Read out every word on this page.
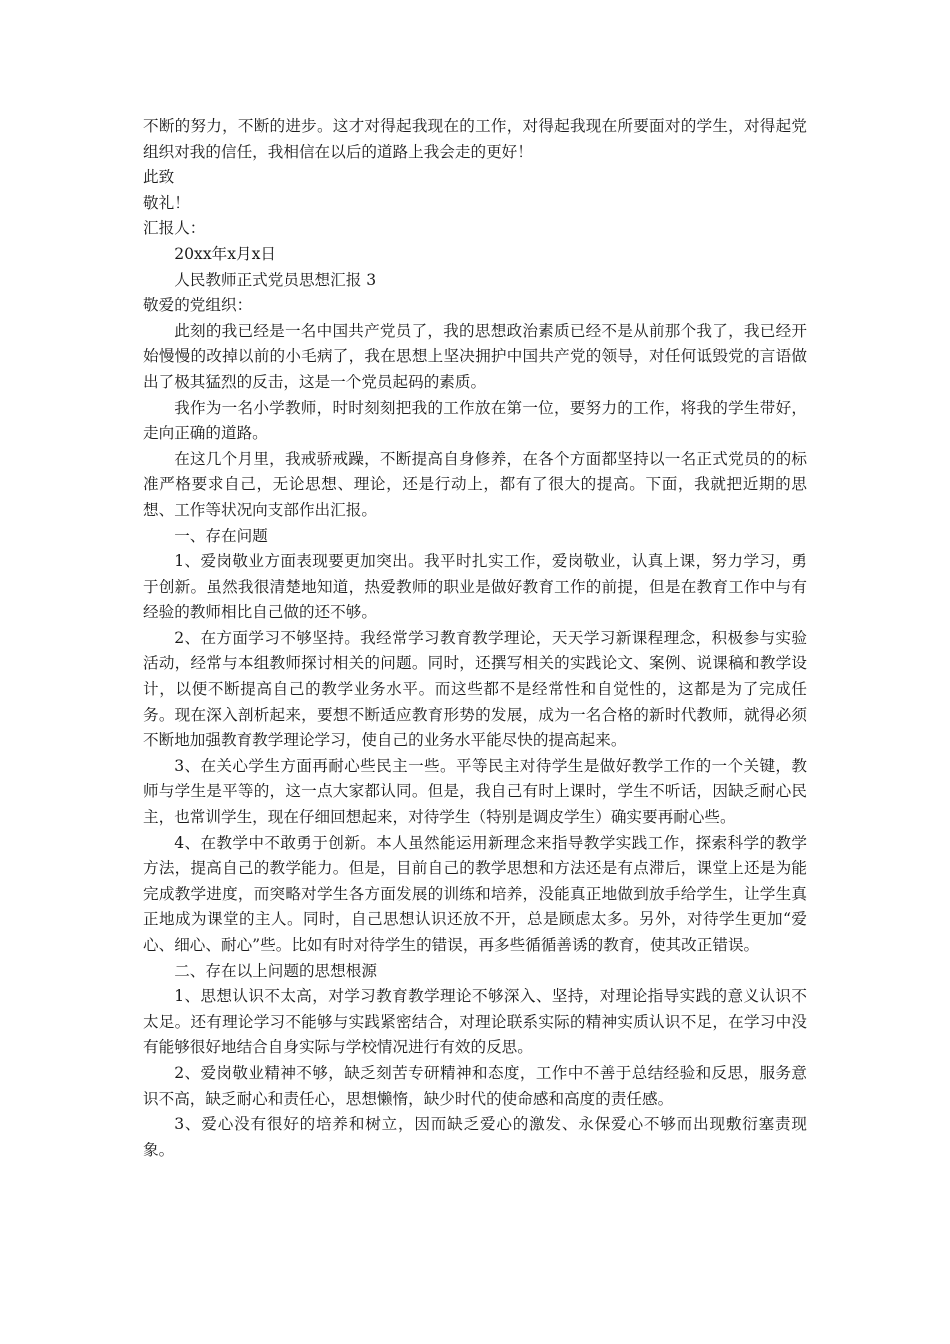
不断的努力，不断的进步。这才对得起我现在的工作，对得起我现在所要面对的学生，对得起党组织对我的信任，我相信在以后的道路上我会走的更好！

此致

敬礼！

汇报人：

20xx年x月x日

人民教师正式党员思想汇报 3

敬爱的党组织：

此刻的我已经是一名中国共产党员了，我的思想政治素质已经不是从前那个我了，我已经开始慢慢的改掉以前的小毛病了，我在思想上坚决拥护中国共产党的领导，对任何诋毁党的言语做出了极其猛烈的反击，这是一个党员起码的素质。

我作为一名小学教师，时时刻刻把我的工作放在第一位，要努力的工作，将我的学生带好，走向正确的道路。

在这几个月里，我戒骄戒躁，不断提高自身修养，在各个方面都坚持以一名正式党员的的标准严格要求自己，无论思想、理论，还是行动上，都有了很大的提高。下面，我就把近期的思想、工作等状况向支部作出汇报。

一、存在问题

1、爱岗敬业方面表现要更加突出。我平时扎实工作，爱岗敬业，认真上课，努力学习，勇于创新。虽然我很清楚地知道，热爱教师的职业是做好教育工作的前提，但是在教育工作中与有经验的教师相比自己做的还不够。

2、在方面学习不够坚持。我经常学习教育教学理论，天天学习新课程理念，积极参与实验活动，经常与本组教师探讨相关的问题。同时，还撰写相关的实践论文、案例、说课稿和教学设计，以便不断提高自己的教学业务水平。而这些都不是经常性和自觉性的，这都是为了完成任务。现在深入剖析起来，要想不断适应教育形势的发展，成为一名合格的新时代教师，就得必须不断地加强教育教学理论学习，使自己的业务水平能尽快的提高起来。

3、在关心学生方面再耐心些民主一些。平等民主对待学生是做好教学工作的一个关键，教师与学生是平等的，这一点大家都认同。但是，我自己有时上课时，学生不听话，因缺乏耐心民主，也常训学生，现在仔细回想起来，对待学生（特别是调皮学生）确实要再耐心些。

4、在教学中不敢勇于创新。本人虽然能运用新理念来指导教学实践工作，探索科学的教学方法，提高自己的教学能力。但是，目前自己的教学思想和方法还是有点滞后，课堂上还是为能完成教学进度，而突略对学生各方面发展的训练和培养，没能真正地做到放手给学生，让学生真正地成为课堂的主人。同时，自己思想认识还放不开，总是顾虑太多。另外，对待学生更加“爱心、细心、耐心”些。比如有时对待学生的错误，再多些循循善诱的教育，使其改正错误。

二、存在以上问题的思想根源

1、思想认识不太高，对学习教育教学理论不够深入、坚持，对理论指导实践的意义认识不太足。还有理论学习不能够与实践紧密结合，对理论联系实际的精神实质认识不足，在学习中没有能够很好地结合自身实际与学校情况进行有效的反思。

2、爱岗敬业精神不够，缺乏刻苦专研精神和态度，工作中不善于总结经验和反思，服务意识不高，缺乏耐心和责任心，思想懒惰，缺少时代的使命感和高度的责任感。

3、爱心没有很好的培养和树立，因而缺乏爱心的激发、永保爱心不够而出现敷衍塞责现象。
